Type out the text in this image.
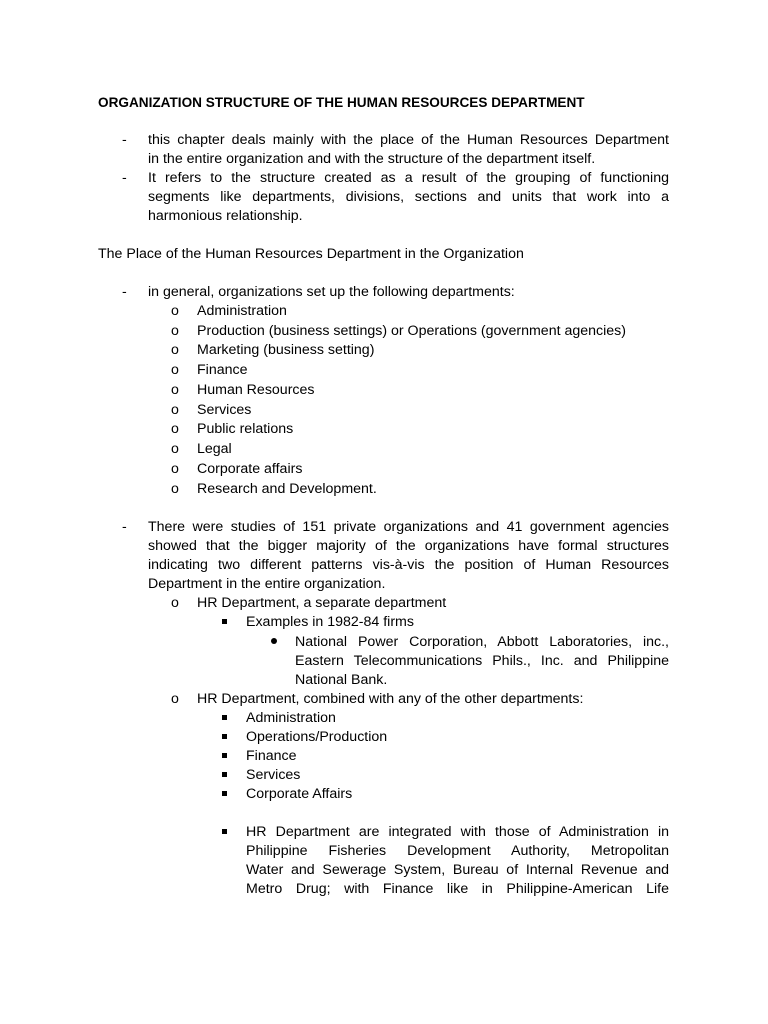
ORGANIZATION STRUCTURE OF THE HUMAN RESOURCES DEPARTMENT
- this chapter deals mainly with the place of the Human Resources Department
in the entire organization and with the structure of the department itself.
- It refers to the structure created as a result of the grouping of functioning
segments like departments, divisions, sections and units that work into a
harmonious relationship.
The Place of the Human Resources Department in the Organization
- in general, organizations set up the following departments:
o Administration
o Production (business settings) or Operations (government agencies)
o Marketing (business setting)
o Finance
o Human Resources
o Services
o Public relations
o Legal
o Corporate affairs
o Research and Development.
- There were studies of 151 private organizations and 41 government agencies
showed that the bigger majority of the organizations have formal structures
indicating two different patterns vis-à-vis the position of Human Resources
Department in the entire organization.
o HR Department, a separate department
Examples in 1982-84 firms
National Power Corporation, Abbott Laboratories, inc.,
Eastern Telecommunications Phils., Inc. and Philippine
National Bank.
o HR Department, combined with any of the other departments:
Administration
Operations/Production
Finance
Services
Corporate Affairs
HR Department are integrated with those of Administration in
Philippine Fisheries Development Authority, Metropolitan
Water and Sewerage System, Bureau of Internal Revenue and
Metro Drug; with Finance like in Philippine-American Life
